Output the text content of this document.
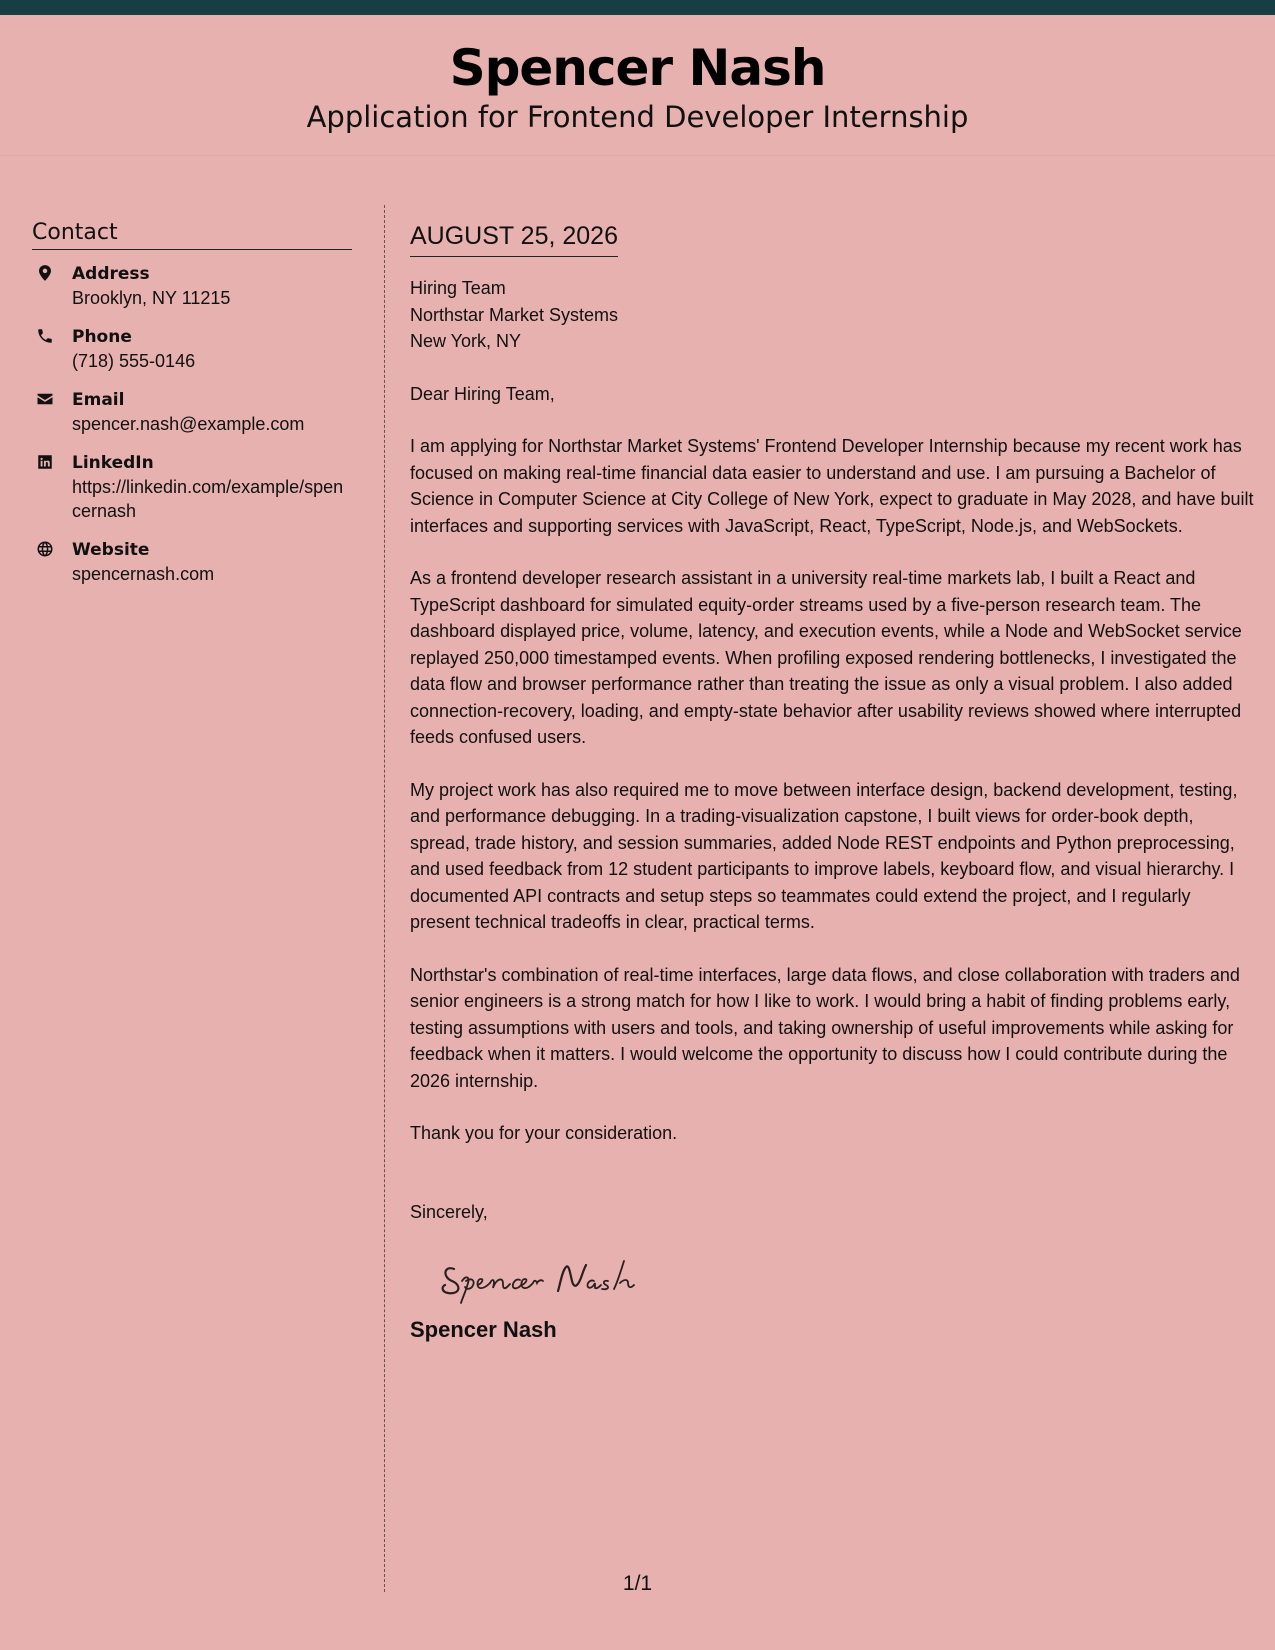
Spencer Nash
Application for Frontend Developer Internship
Contact
Address
Brooklyn, NY 11215
Phone
(718) 555-0146
Email
spencer.nash@example.com
LinkedIn
https://linkedin.com/example/spencernash
Website
spencernash.com
AUGUST 25, 2026
Hiring Team
Northstar Market Systems
New York, NY
Dear Hiring Team,
I am applying for Northstar Market Systems' Frontend Developer Internship because my recent work has focused on making real-time financial data easier to understand and use. I am pursuing a Bachelor of Science in Computer Science at City College of New York, expect to graduate in May 2028, and have built interfaces and supporting services with JavaScript, React, TypeScript, Node.js, and WebSockets.
As a frontend developer research assistant in a university real-time markets lab, I built a React and TypeScript dashboard for simulated equity-order streams used by a five-person research team. The dashboard displayed price, volume, latency, and execution events, while a Node and WebSocket service replayed 250,000 timestamped events. When profiling exposed rendering bottlenecks, I investigated the data flow and browser performance rather than treating the issue as only a visual problem. I also added connection-recovery, loading, and empty-state behavior after usability reviews showed where interrupted feeds confused users.
My project work has also required me to move between interface design, backend development, testing, and performance debugging. In a trading-visualization capstone, I built views for order-book depth, spread, trade history, and session summaries, added Node REST endpoints and Python preprocessing, and used feedback from 12 student participants to improve labels, keyboard flow, and visual hierarchy. I documented API contracts and setup steps so teammates could extend the project, and I regularly present technical tradeoffs in clear, practical terms.
Northstar's combination of real-time interfaces, large data flows, and close collaboration with traders and senior engineers is a strong match for how I like to work. I would bring a habit of finding problems early, testing assumptions with users and tools, and taking ownership of useful improvements while asking for feedback when it matters. I would welcome the opportunity to discuss how I could contribute during the 2026 internship.
Thank you for your consideration.
Sincerely,
Spencer Nash
1/1
